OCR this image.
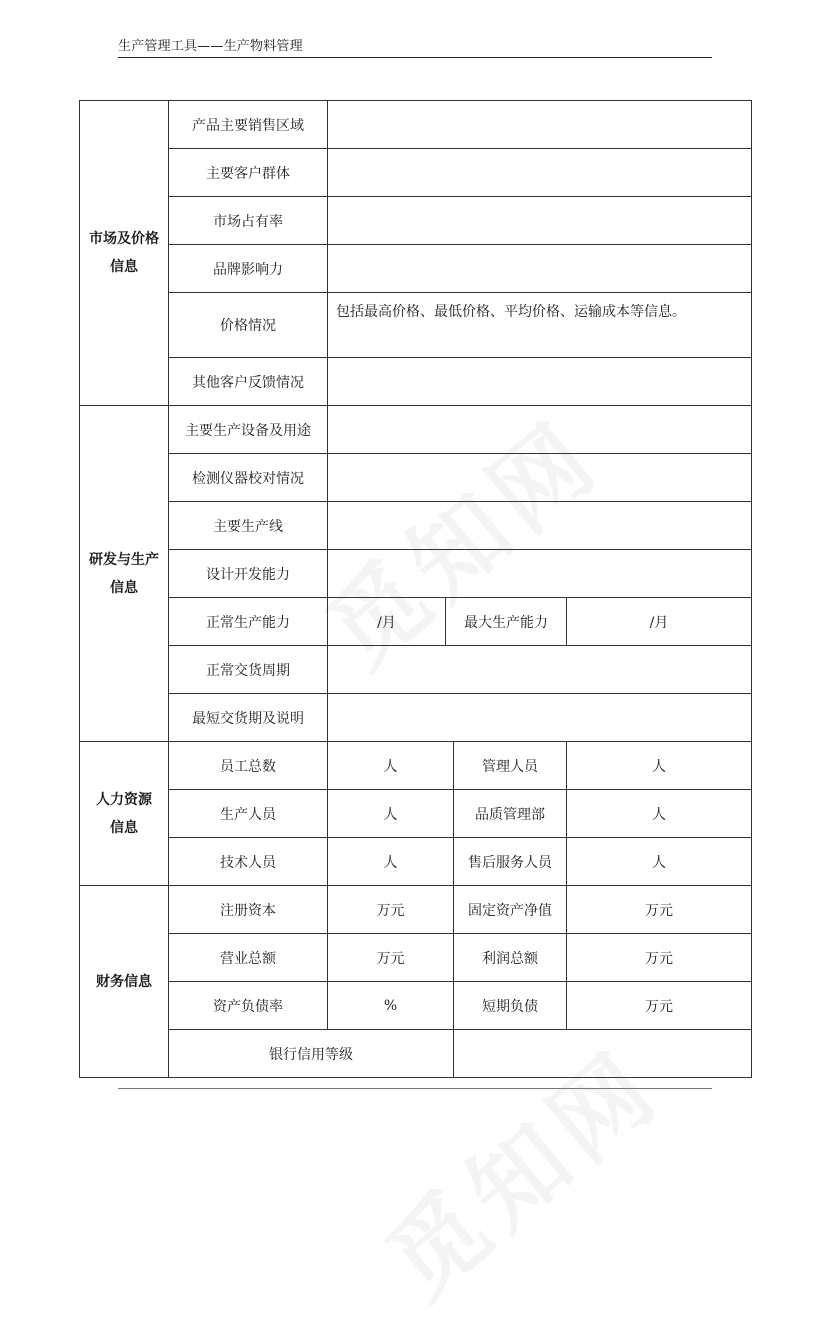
生产管理工具——生产物料管理
市场及价格
信息	产品主要销售区域				

	主要客户群体				
	市场占有率				
	品牌影响力				
	价格情况	包括最高价格、最低价格、平均价格、运输成本等信息。			
	其他客户反馈情况				
研发与生产
信息	主要生产设备及用途				
	检测仪器校对情况				
	主要生产线				
	设计开发能力				
	正常生产能力	/月	最大生产能力		/月
	正常交货周期				
	最短交货期及说明				
人力资源
信息	员工总数	人		管理人员	人
	生产人员	人		品质管理部	人
	技术人员	人		售后服务人员	人
财务信息	注册资本	万元		固定资产净值	万元
	营业总额	万元		利润总额	万元
	资产负债率	%		短期负债	万元
	银行信用等级				
